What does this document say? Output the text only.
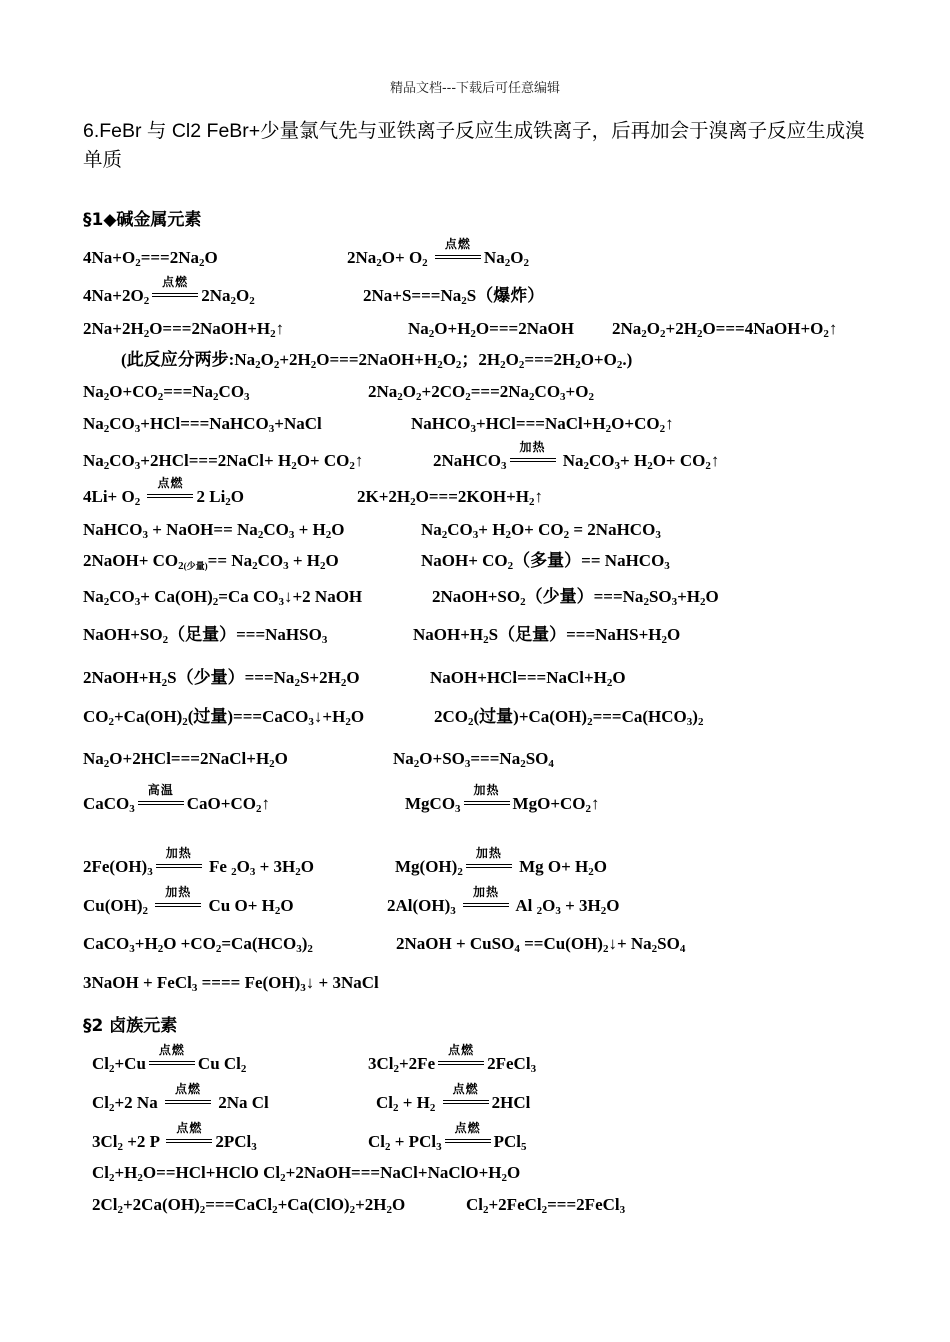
精品文档---下载后可任意编辑
6.FeBr 与 Cl2 FeBr+少量氯气先与亚铁离子反应生成铁离子，后再加会于溴离子反应生成溴单质
§1◆碱金属元素
$4Na+O_2===2Na_2O$	$2Na_2O+ O_2$
点燃
$Na_2O_2$
$4Na+2O_2$
点燃
$2Na_2O_2$	$2Na+S===Na_2S$（爆炸）
$2Na+2H_2O===2NaOH+H_2↑$	$Na_2O+H_2O===2NaOH$ $2Na_2O_2+2H_2O===4NaOH+O_2↑$
(此反应分两步$:Na_2O_2+2H_2O===2NaOH+H_2O_2$；$2H_2O_2===2H_2O+O_2$.)
$Na_2O+CO_2===Na_2CO_3$	$2Na_2O_2+2CO_2===2Na_2CO_3+O_2$
$Na_2CO_3+HCl===NaHCO_3+NaCl$	$NaHCO_3+HCl===NaCl+H_2O+CO_2↑$
$Na_2CO_3+2HCl===2NaCl+ H_2O+$ $CO_2↑$	2NaHCO$_3$
加热
$Na_2CO_3+ H_2O+$ $CO_2↑$
$4Li+ O_2$
点燃
2 $Li_2O$	$2K+2H_2O===2KOH+H_2↑$
NaHCO$_3$ + NaOH== $Na_2CO_3 + H_2O$	$Na_2CO_3+ H_2O+ CO_2$ = 2NaHCO$_3$
2NaOH+ $CO_2$(少量)== $Na_2CO_3 + H_2O$	NaOH+ $CO_2$（多量）== NaHCO$_3$
$Na_2CO_3+ Ca(OH)_2=Ca$ $CO_3↓+2$ NaOH	$2NaOH+SO_2$（少量）$===Na_2SO_3+H_2O$
$NaOH+SO_2$（足量）===NaHSO$_3$	$NaOH+H_2S$（足量）$===NaHS+H_2O$
$2NaOH+H_2S$（少量）$===Na_2S+2H_2O$	$NaOH+HCl===NaCl+H_2O$
$CO_2+Ca(OH)_2$(过量)$===CaCO_3↓+H_2O$	$2CO_2$(过量)$+Ca(OH)_2===Ca(HCO_3)_2$
$Na_2O+2HCl===2NaCl+H_2O$	$Na_2O+SO_3===Na_2SO_4$
CaCO$_3$
高温
$CaO+CO_2↑$	MgCO$_3$
加热
$MgO+CO_2↑$
$2Fe(OH)_3$
加热
Fe $_2O_3 + 3H_2O$	$Mg(OH)_2$
加热
Mg $O+ H_2O$
$Cu(OH)_2$
加热
Cu $O+ H_2O$	$2Al(OH)_3$
加热
Al $_2O_3 + 3H_2O$
$CaCO_3+H_2O +CO_2=Ca(HCO_3)_2$	2NaOH + CuSO$_4$ $==Cu(OH)_2↓+ Na_2SO_4$
3NaOH + FeCl$_3$ ==== $Fe(OH)_3↓$ + 3NaCl
§2 卤族元素
$Cl_2+Cu$
点燃
Cu $Cl_2$	$3Cl_2+2Fe$
点燃
2FeCl$_3$
$Cl_2+2$ Na
点燃
2Na Cl	$Cl_2 + H_2$
点燃
2HCl
$3Cl_2 +2$ P
点燃
2PCl$_3$	$Cl_2 + PCl_3$
点燃
PCl$_5$
$Cl_2+H_2O==HCl+HClO$ $Cl_2+2NaOH===NaCl+NaClO+H_2O$
$2Cl_2+2Ca(OH)_2===CaCl_2+Ca(ClO)_2+2H_2O$	$Cl_2+2FeCl_2===2FeCl_3$
